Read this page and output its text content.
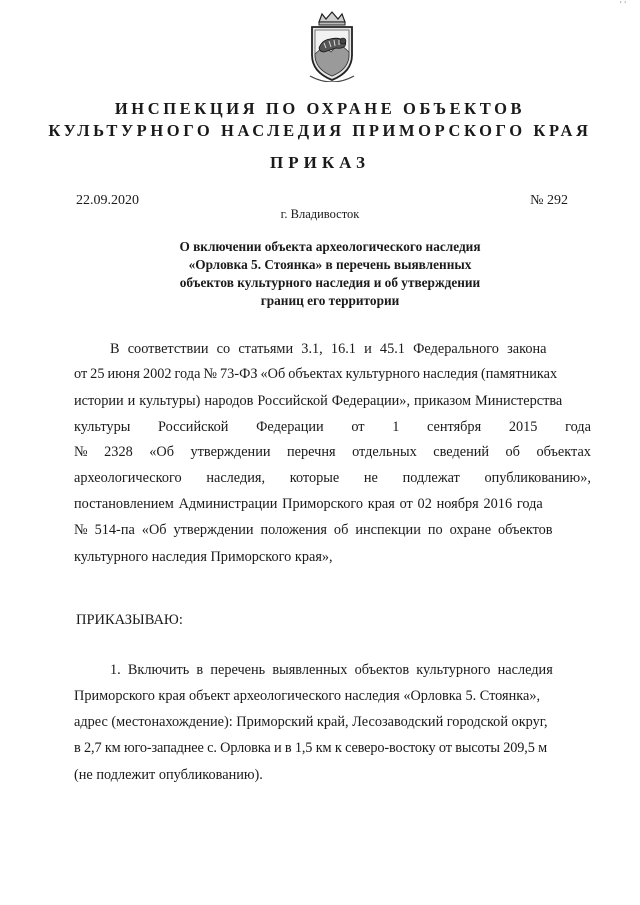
' '
ИНСПЕКЦИЯ ПО ОХРАНЕ ОБЪЕКТОВ
КУЛЬТУРНОГО НАСЛЕДИЯ ПРИМОРСКОГО КРАЯ
ПРИКАЗ
22.09.2020	№ 292
г. Владивосток
О включении объекта археологического наследия
«Орловка 5. Стоянка» в перечень выявленных
объектов культурного наследия и об утверждении
границ его территории
В соответствии со статьями 3.1, 16.1 и 45.1 Федерального закона
от 25 июня 2002 года № 73-ФЗ «Об объектах культурного наследия (памятниках
истории и культуры) народов Российской Федерации», приказом Министерства
культуры Российской Федерации от 1 сентября 2015 года
№ 2328 «Об утверждении перечня отдельных сведений об объектах
археологического наследия, которые не подлежат опубликованию»,
постановлением Администрации Приморского края от 02 ноября 2016 года
№ 514-па «Об утверждении положения об инспекции по охране объектов
культурного наследия Приморского края»,
ПРИКАЗЫВАЮ:
1. Включить в перечень выявленных объектов культурного наследия
Приморского края объект археологического наследия «Орловка 5. Стоянка»,
адрес (местонахождение): Приморский край, Лесозаводский городской округ,
в 2,7 км юго-западнее с. Орловка и в 1,5 км к северо-востоку от высоты 209,5 м
(не подлежит опубликованию).
